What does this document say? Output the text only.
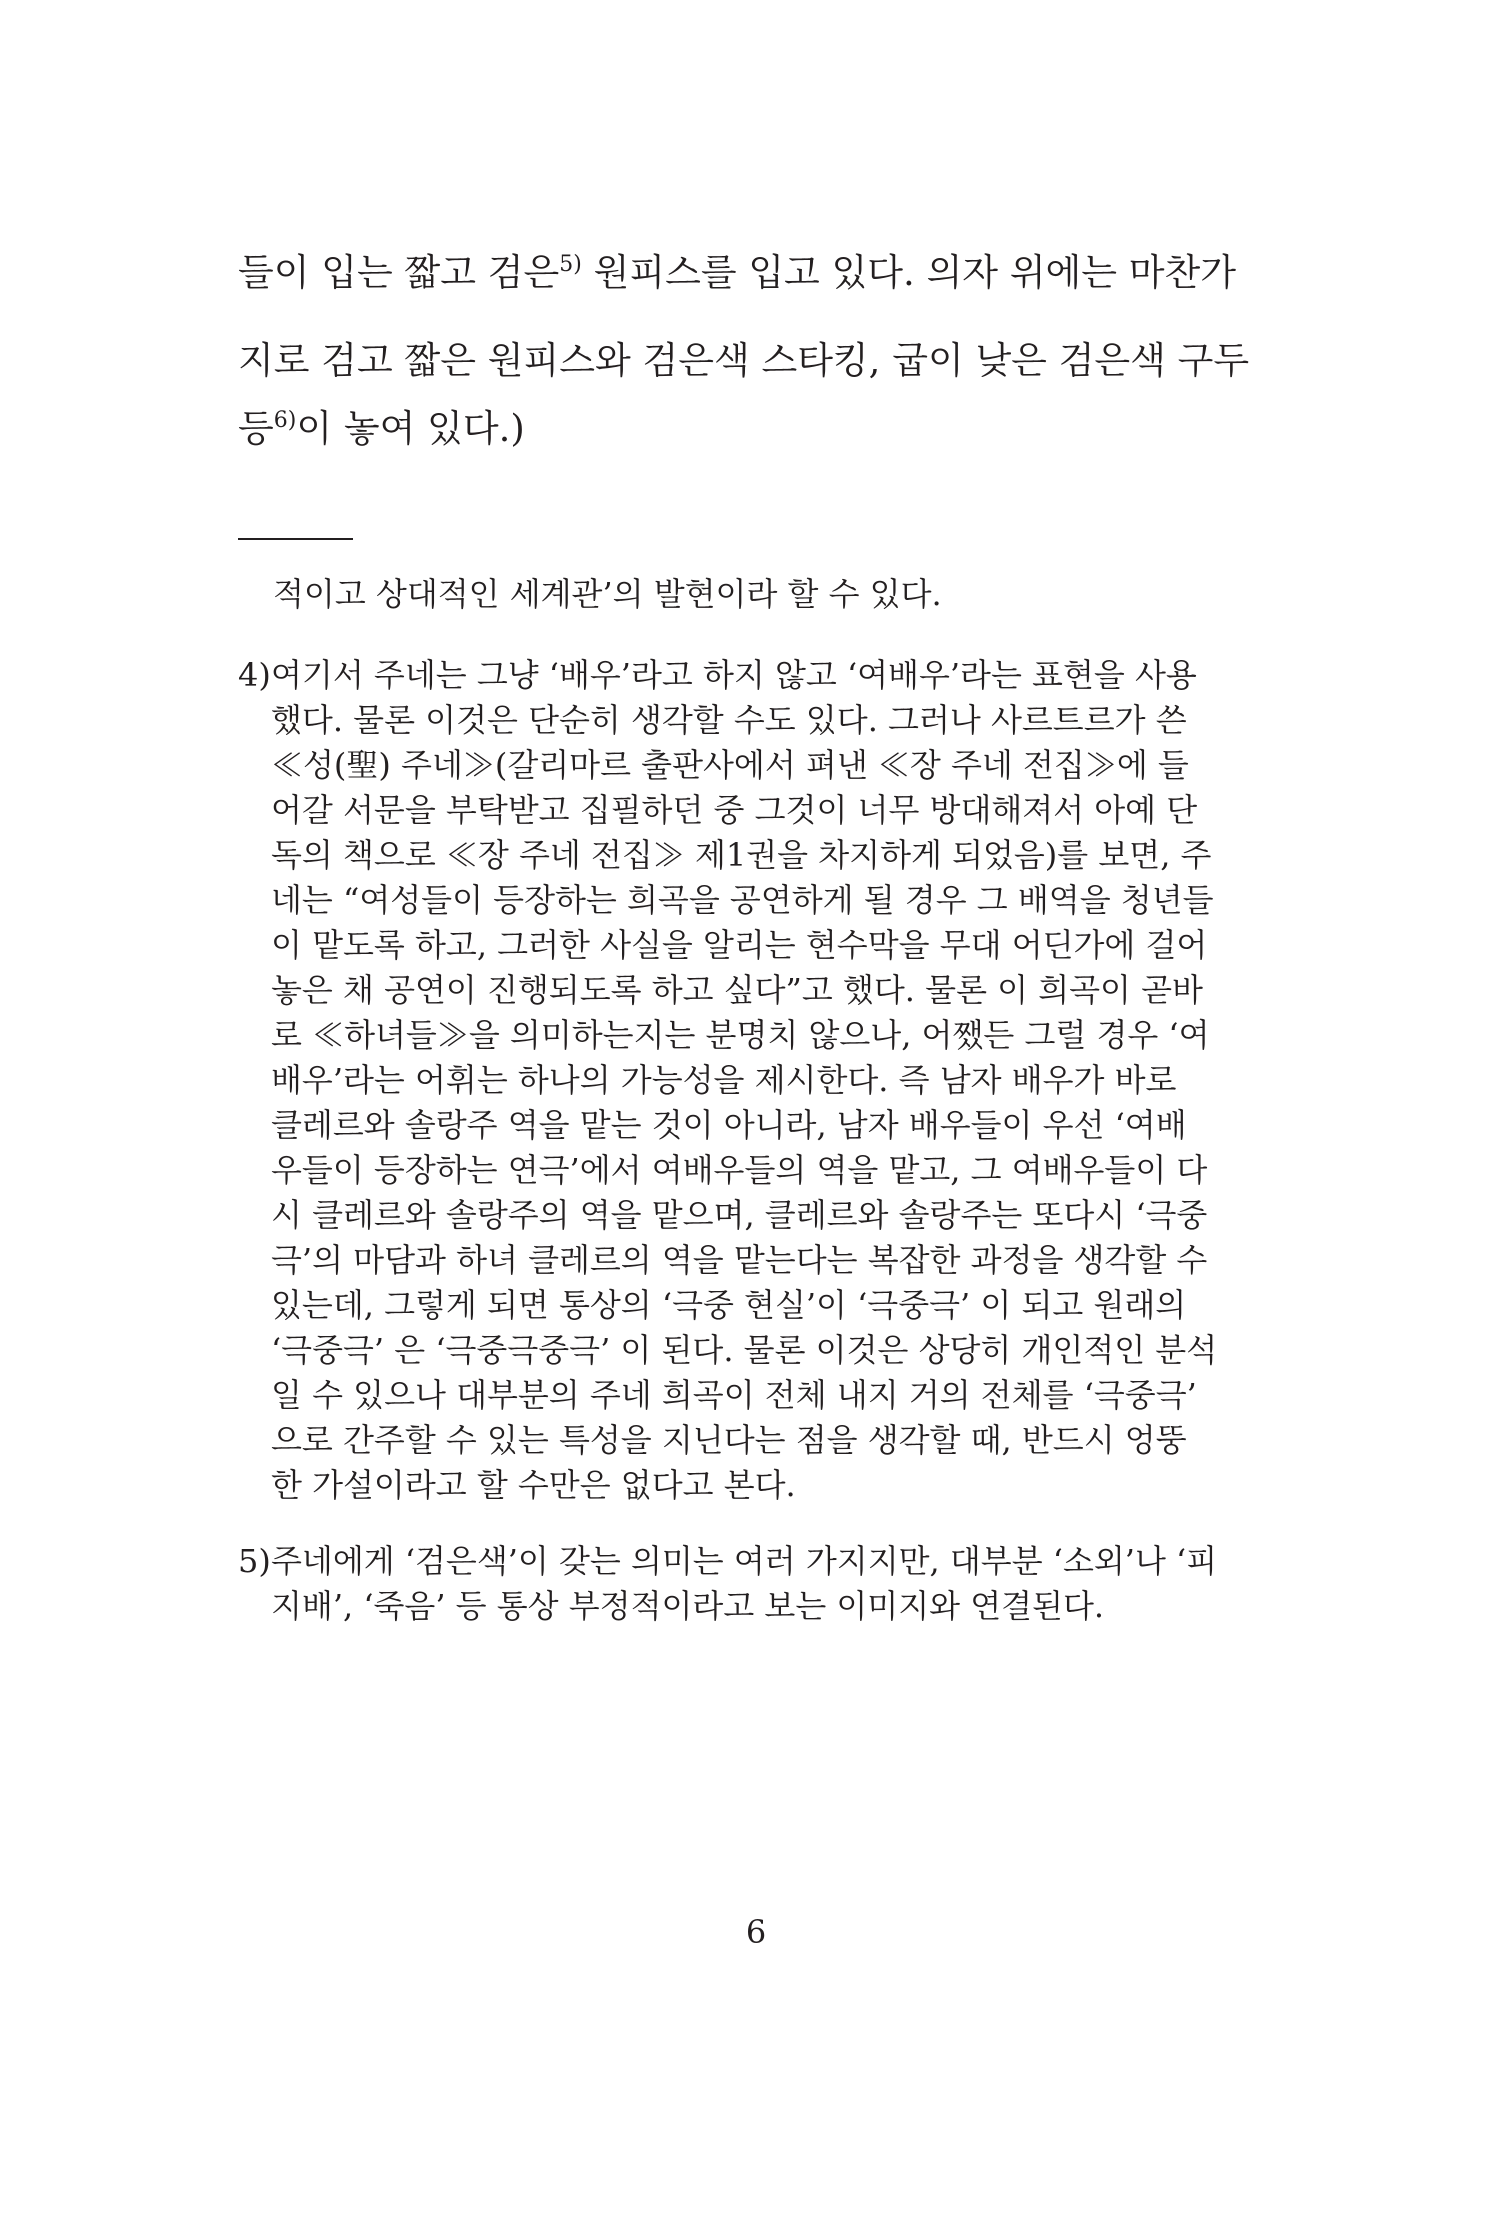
들이 입는 짧고 검은$^{5)}$ 원피스를 입고 있다. 의자 위에는 마찬가
지로 검고 짧은 원피스와 검은색 스타킹, 굽이 낮은 검은색 구두
등$^{6)}$이 놓여 있다.)
적이고 상대적인 세계관’의 발현이라 할 수 있다.
4) 여기서 주네는 그냥 ‘배우’라고 하지 않고 ‘여배우’라는 표현을 사용
했다. 물론 이것은 단순히 생각할 수도 있다. 그러나 사르트르가 쓴
≪성(聖) 주네≫(갈리마르 출판사에서 펴낸 ≪장 주네 전집≫에 들
어갈 서문을 부탁받고 집필하던 중 그것이 너무 방대해져서 아예 단
독의 책으로 ≪장 주네 전집≫ 제1권을 차지하게 되었음)를 보면, 주
네는 “여성들이 등장하는 희곡을 공연하게 될 경우 그 배역을 청년들
이 맡도록 하고, 그러한 사실을 알리는 현수막을 무대 어딘가에 걸어
놓은 채 공연이 진행되도록 하고 싶다”고 했다. 물론 이 희곡이 곧바
로 ≪하녀들≫을 의미하는지는 분명치 않으나, 어쨌든 그럴 경우 ‘여
배우’라는 어휘는 하나의 가능성을 제시한다. 즉 남자 배우가 바로
클레르와 솔랑주 역을 맡는 것이 아니라, 남자 배우들이 우선 ‘여배
우들이 등장하는 연극’에서 여배우들의 역을 맡고, 그 여배우들이 다
시 클레르와 솔랑주의 역을 맡으며, 클레르와 솔랑주는 또다시 ‘극중
극’의 마담과 하녀 클레르의 역을 맡는다는 복잡한 과정을 생각할 수
있는데, 그렇게 되면 통상의 ‘극중 현실’이 ‘극중극’ 이 되고 원래의
‘극중극’ 은 ‘극중극중극’ 이 된다. 물론 이것은 상당히 개인적인 분석
일 수 있으나 대부분의 주네 희곡이 전체 내지 거의 전체를 ‘극중극’
으로 간주할 수 있는 특성을 지닌다는 점을 생각할 때, 반드시 엉뚱
한 가설이라고 할 수만은 없다고 본다.
5) 주네에게 ‘검은색’이 갖는 의미는 여러 가지지만, 대부분 ‘소외’나 ‘피
지배’, ‘죽음’ 등 통상 부정적이라고 보는 이미지와 연결된다.
6
